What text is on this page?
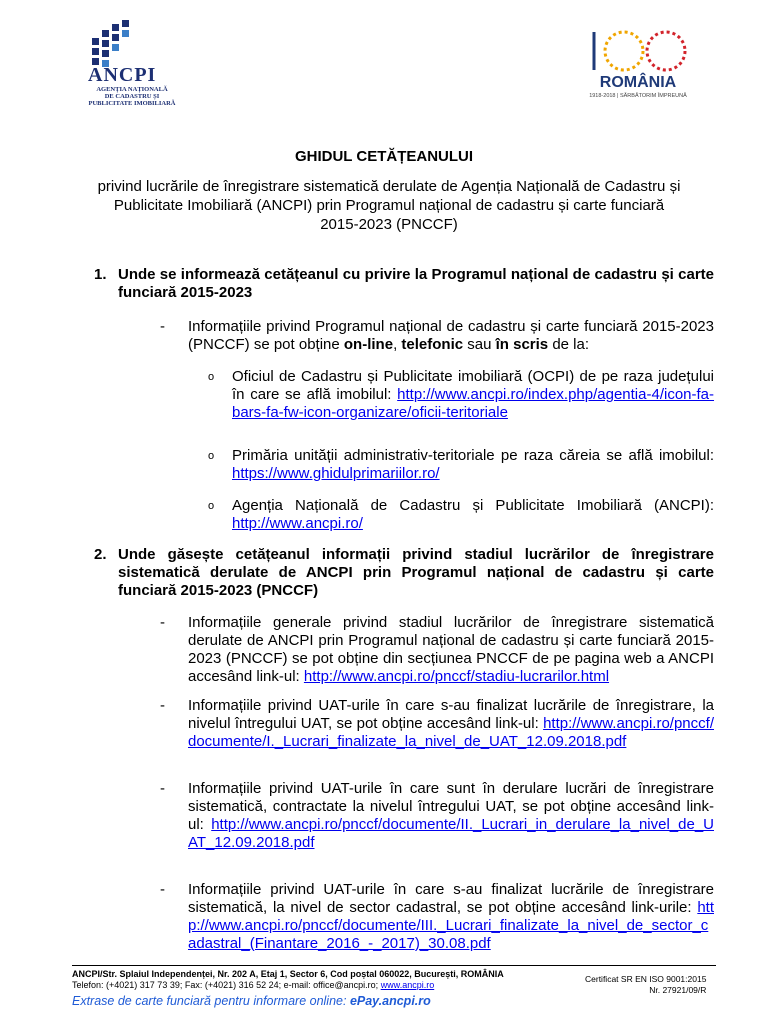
ANCPI
AGENȚIA NAȚIONALĂ
DE CADASTRU ȘI
PUBLICITATE IMOBILIARĂ
ROMÂNIA
1918-2018 | SĂRBĂTORIM ÎMPREUNĂ
GHIDUL CETĂȚEANULUI
privind lucrările de înregistrare sistematică derulate de Agenția Națională de Cadastru și Publicitate Imobiliară (ANCPI) prin Programul național de cadastru și carte funciară 2015-2023 (PNCCF)
1. Unde se informează cetățeanul cu privire la Programul național de cadastru și carte funciară 2015-2023
- Informațiile privind Programul național de cadastru și carte funciară 2015-2023 (PNCCF) se pot obține on-line, telefonic sau în scris de la:
o Oficiul de Cadastru și Publicitate imobiliară (OCPI) de pe raza județului în care se află imobilul: http://www.ancpi.ro/index.php/agentia-4/icon-fa-bars-fa-fw-icon-organizare/oficii-teritoriale
o Primăria unității administrativ-teritoriale pe raza căreia se află imobilul: https://www.ghidulprimariilor.ro/
o Agenția Națională de Cadastru și Publicitate Imobiliară (ANCPI): http://www.ancpi.ro/
2. Unde găsește cetățeanul informații privind stadiul lucrărilor de înregistrare sistematică derulate de ANCPI prin Programul național de cadastru și carte funciară 2015-2023 (PNCCF)
- Informațiile generale privind stadiul lucrărilor de înregistrare sistematică derulate de ANCPI prin Programul național de cadastru și carte funciară 2015-2023 (PNCCF) se pot obține din secțiunea PNCCF de pe pagina web a ANCPI accesând link-ul: http://www.ancpi.ro/pnccf/stadiu-lucrarilor.html
- Informațiile privind UAT-urile în care s-au finalizat lucrările de înregistrare, la nivelul întregului UAT, se pot obține accesând link-ul: http://www.ancpi.ro/pnccf/documente/I._Lucrari_finalizate_la_nivel_de_UAT_12.09.2018.pdf
- Informațiile privind UAT-urile în care sunt în derulare lucrări de înregistrare sistematică, contractate la nivelul întregului UAT, se pot obține accesând link-ul: http://www.ancpi.ro/pnccf/documente/II._Lucrari_in_derulare_la_nivel_de_UAT_12.09.2018.pdf
- Informațiile privind UAT-urile în care s-au finalizat lucrările de înregistrare sistematică, la nivel de sector cadastral, se pot obține accesând link-urile: http://www.ancpi.ro/pnccf/documente/III._Lucrari_finalizate_la_nivel_de_sector_cadastral_(Finantare_2016_-_2017)_30.08.pdf
ANCPI/Str. Splaiul Independenței, Nr. 202 A, Etaj 1, Sector 6, Cod poștal 060022, București, ROMÂNIA
Telefon: (+4021) 317 73 39; Fax: (+4021) 316 52 24; e-mail: office@ancpi.ro; www.ancpi.ro
Certificat SR EN ISO 9001:2015
Nr. 27921/09/R
Extrase de carte funciară pentru informare online: ePay.ancpi.ro
